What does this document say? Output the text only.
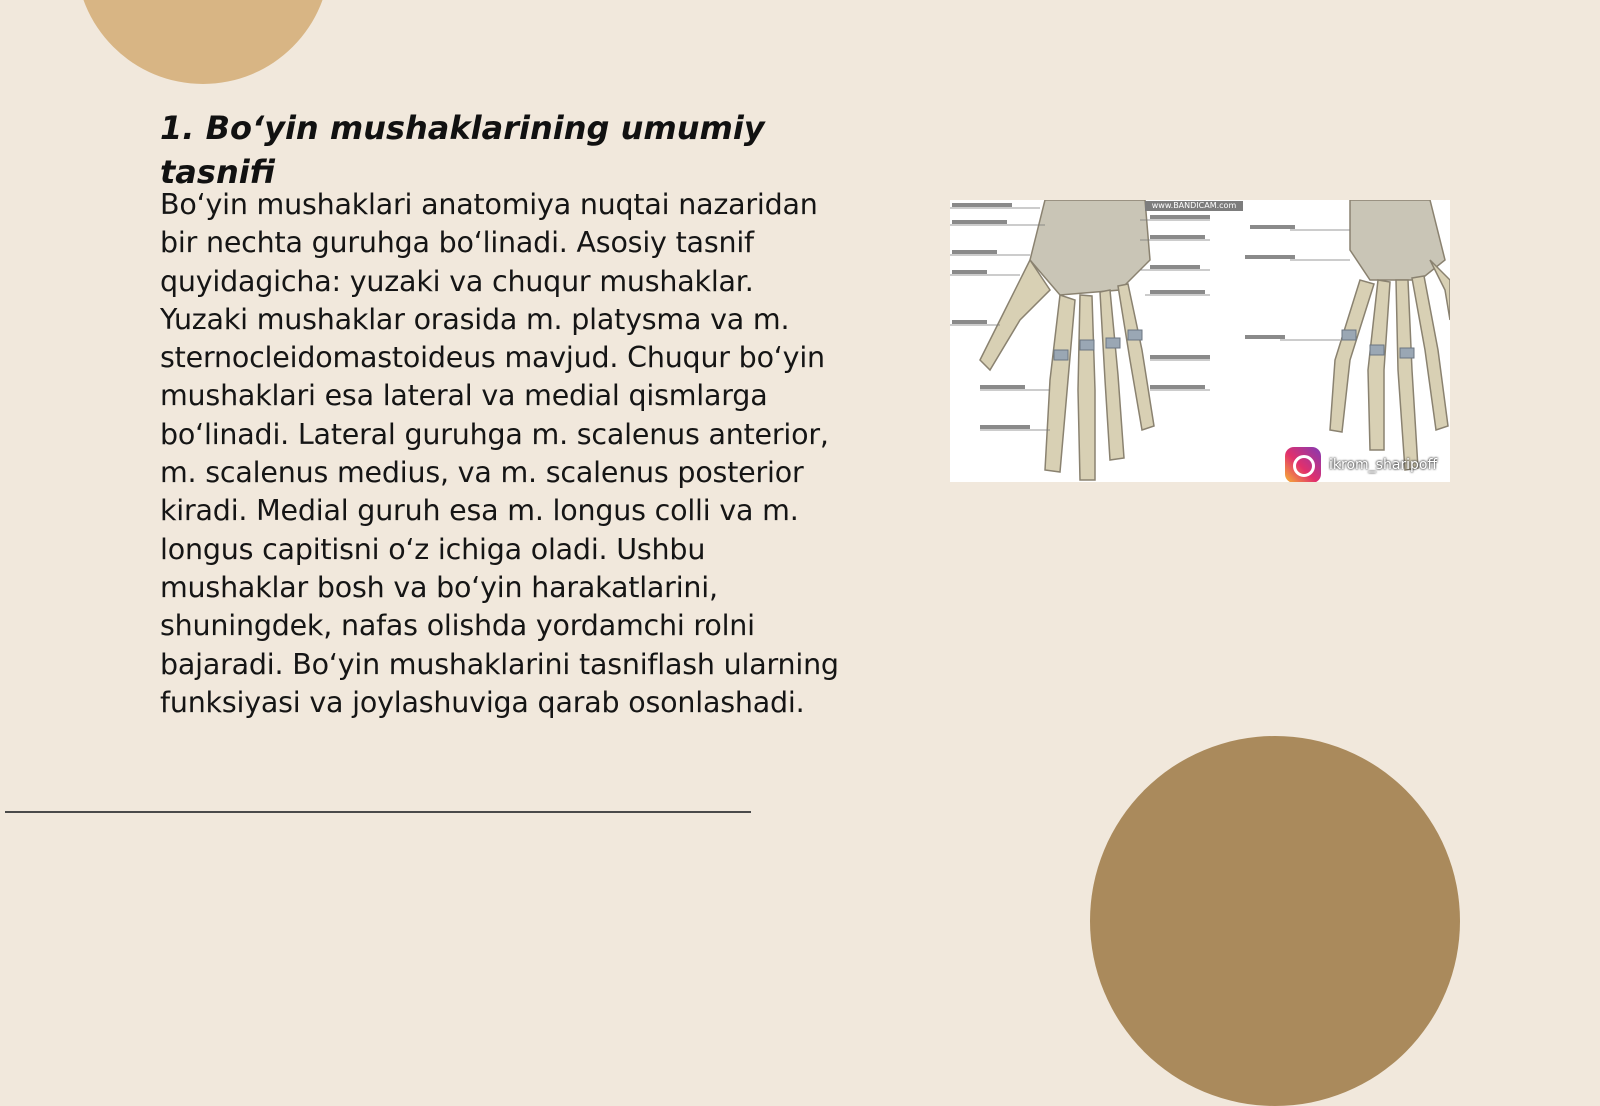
1. Bo‘yin mushaklarining umumiy tasnifi

Bo‘yin mushaklari anatomiya nuqtai nazaridan bir nechta guruhga bo‘linadi. Asosiy tasnif quyidagicha: yuzaki va chuqur mushaklar. Yuzaki mushaklar orasida m. platysma va m. sternocleidomastoideus mavjud. Chuqur bo‘yin mushaklari esa lateral va medial qismlarga bo‘linadi. Lateral guruhga m. scalenus anterior, m. scalenus medius, va m. scalenus posterior kiradi. Medial guruh esa m. longus colli va m. longus capitisni o‘z ichiga oladi. Ushbu mushaklar bosh va bo‘yin harakatlarini, shuningdek, nafas olishda yordamchi rolni bajaradi. Bo‘yin mushaklarini tasniflash ularning funksiyasi va joylashuviga qarab osonlashadi.

www.BANDICAM.com
ikrom_sharipoff
